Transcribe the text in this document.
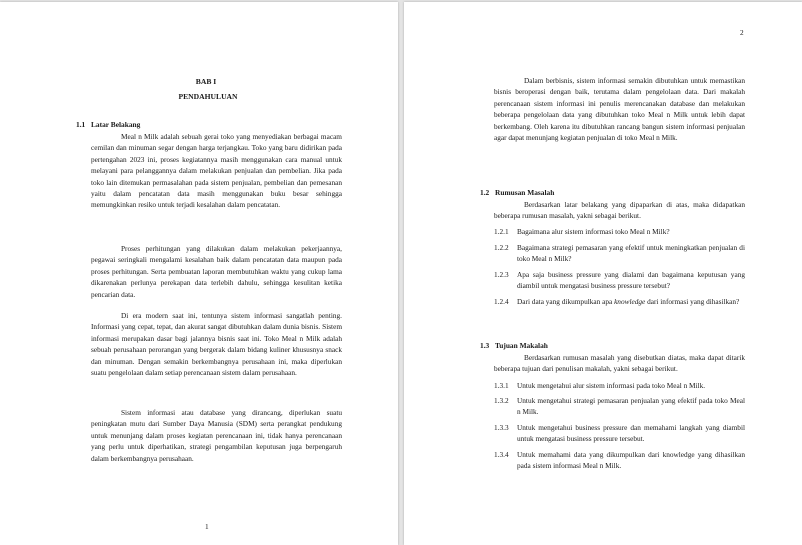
BAB I
PENDAHULUAN
1.1 Latar Belakang

Meal n Milk adalah sebuah gerai toko yang menyediakan berbagai macam cemilan dan minuman segar dengan harga terjangkau. Toko yang baru didirikan pada pertengahan 2023 ini, proses kegiatannya masih menggunakan cara manual untuk melayani para pelanggannya dalam melakukan penjualan dan pembelian. Jika pada toko lain ditemukan permasalahan pada sistem penjualan, pembelian dan pemesanan yaitu dalam pencatatan data masih menggunakan buku besar sehingga memungkinkan resiko untuk terjadi kesalahan dalam pencatatan.

Proses perhitungan yang dilakukan dalam melakukan pekerjaannya, pegawai seringkali mengalami kesalahan baik dalam pencatatan data maupun pada proses perhitungan. Serta pembuatan laporan membutuhkan waktu yang cukup lama dikarenakan perlunya perekapan data terlebih dahulu, sehingga kesulitan ketika pencarian data.

Di era modern saat ini, tentunya sistem informasi sangatlah penting. Informasi yang cepat, tepat, dan akurat sangat dibutuhkan dalam dunia bisnis. Sistem informasi merupakan dasar bagi jalannya bisnis saat ini. Toko Meal n Milk adalah sebuah perusahaan perorangan yang bergerak dalam bidang kuliner khususnya snack dan minuman. Dengan semakin berkembangnya perusahaan ini, maka diperlukan suatu pengelolaan dalam setiap perencanaan sistem dalam perusahaan.

Sistem informasi atau database yang dirancang, diperlukan suatu peningkatan mutu dari Sumber Daya Manusia (SDM) serta perangkat pendukung untuk menunjang dalam proses kegiatan perencanaan ini, tidak hanya perencanaan yang perlu untuk diperhatikan, strategi pengambilan keputusan juga berpengaruh dalam berkembangnya perusahaan.

1
2

Dalam berbisnis, sistem informasi semakin dibutuhkan untuk memastikan bisnis beroperasi dengan baik, terutama dalam pengelolaan data. Dari makalah perencanaan sistem informasi ini penulis merencanakan database dan melakukan beberapa pengelolaan data yang dibutuhkan toko Meal n Milk untuk lebih dapat berkembang. Oleh karena itu dibutuhkan rancang bangun sistem informasi penjualan agar dapat menunjang kegiatan penjualan di toko Meal n Milk.

1.2 Rumusan Masalah

Berdasarkan latar belakang yang dipaparkan di atas, maka didapatkan beberapa rumusan masalah, yakni sebagai berikut.

1.2.1 Bagaimana alur sistem informasi toko Meal n Milk?
1.2.2 Bagaimana strategi pemasaran yang efektif untuk meningkatkan penjualan di toko Meal n Milk?
1.2.3 Apa saja business pressure yang dialami dan bagaimana keputusan yang diambil untuk mengatasi business pressure tersebut?
1.2.4 Dari data yang dikumpulkan apa knowledge dari informasi yang dihasilkan?
1.3 Tujuan Makalah

Berdasarkan rumusan masalah yang disebutkan diatas, maka dapat ditarik beberapa tujuan dari penulisan makalah, yakni sebagai berikut.

1.3.1 Untuk mengetahui alur sistem informasi pada toko Meal n Milk.
1.3.2 Untuk mengetahui strategi pemasaran penjualan yang efektif pada toko Meal n Milk.
1.3.3 Untuk mengetahui business pressure dan memahami langkah yang diambil untuk mengatasi business pressure tersebut.
1.3.4 Untuk memahami data yang dikumpulkan dari knowledge yang dihasilkan pada sistem informasi Meal n Milk.
